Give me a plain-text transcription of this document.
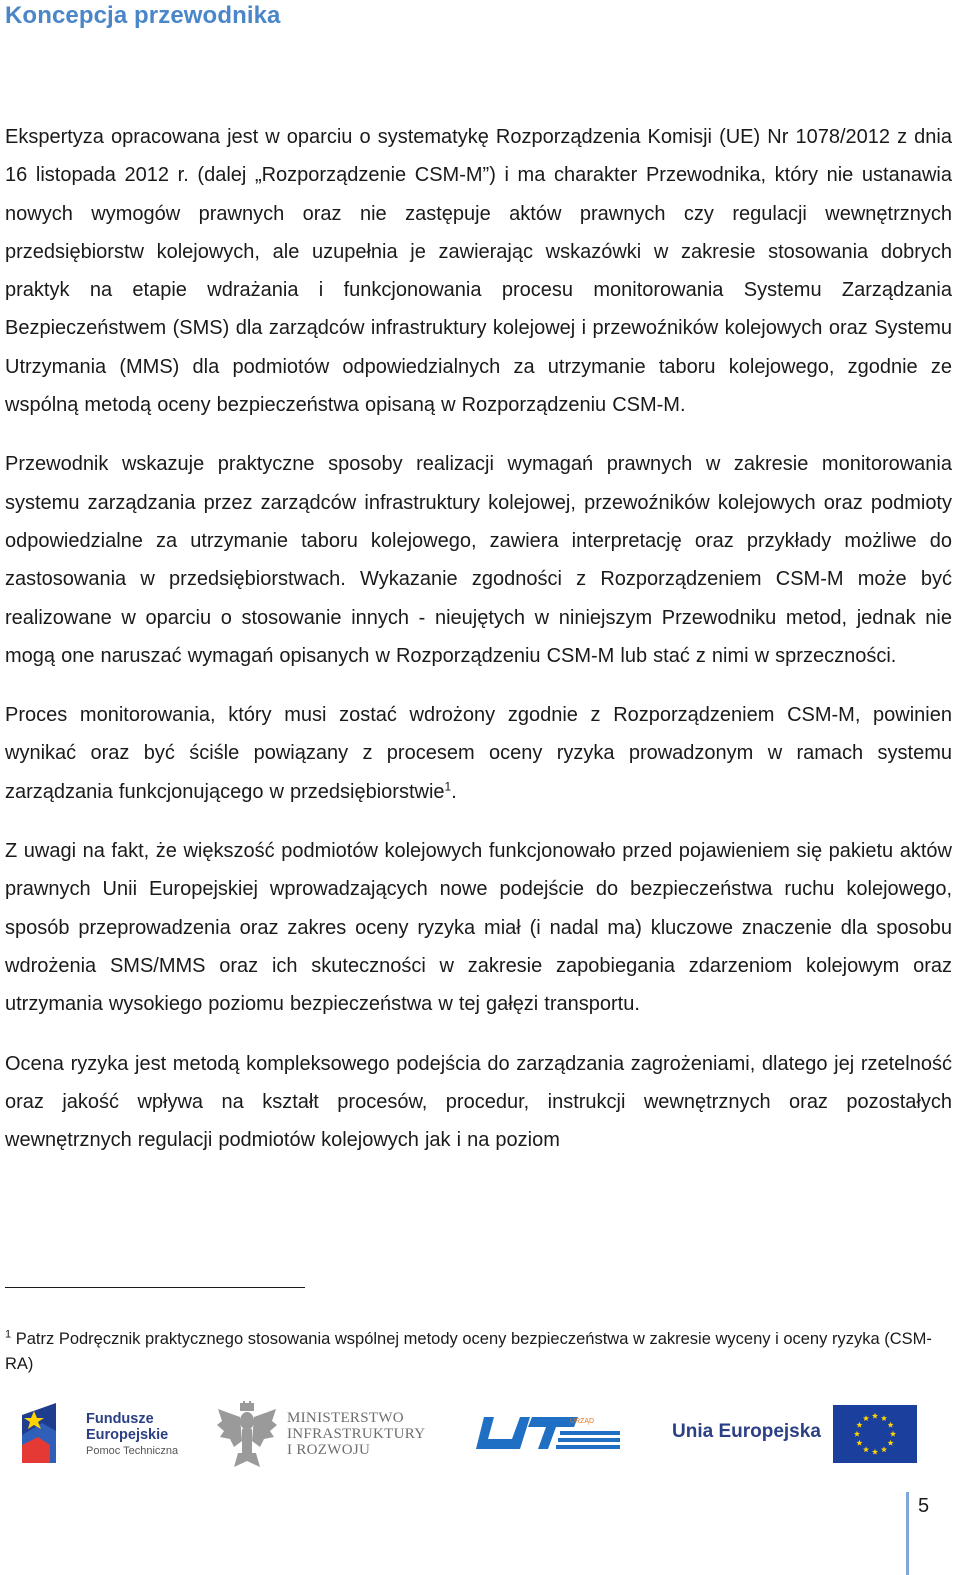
Koncepcja przewodnika

Ekspertyza opracowana jest w oparciu o systematykę Rozporządzenia Komisji (UE) Nr 1078/2012 z dnia 16 listopada 2012 r. (dalej „Rozporządzenie CSM-M”) i ma charakter Przewodnika, który nie ustanawia nowych wymogów prawnych oraz nie zastępuje aktów prawnych czy regulacji wewnętrznych przedsiębiorstw kolejowych, ale uzupełnia je zawierając wskazówki w zakresie stosowania dobrych praktyk na etapie wdrażania i funkcjonowania procesu monitorowania Systemu Zarządzania Bezpieczeństwem (SMS) dla zarządców infrastruktury kolejowej i przewoźników kolejowych oraz Systemu Utrzymania (MMS) dla podmiotów odpowiedzialnych za utrzymanie taboru kolejowego, zgodnie ze wspólną metodą oceny bezpieczeństwa opisaną w Rozporządzeniu CSM-M.

Przewodnik wskazuje praktyczne sposoby realizacji wymagań prawnych w zakresie monitorowania systemu zarządzania przez zarządców infrastruktury kolejowej, przewoźników kolejowych oraz podmioty odpowiedzialne za utrzymanie taboru kolejowego, zawiera interpretację oraz przykłady możliwe do zastosowania w przedsiębiorstwach. Wykazanie zgodności z Rozporządzeniem CSM-M może być realizowane w oparciu o stosowanie innych - nieujętych w niniejszym Przewodniku metod, jednak nie mogą one naruszać wymagań opisanych w Rozporządzeniu CSM-M lub stać z nimi w sprzeczności.

Proces monitorowania, który musi zostać wdrożony zgodnie z Rozporządzeniem CSM-M, powinien wynikać oraz być ściśle powiązany z procesem oceny ryzyka prowadzonym w ramach systemu zarządzania funkcjonującego w przedsiębiorstwie$^1$.

Z uwagi na fakt, że większość podmiotów kolejowych funkcjonowało przed pojawieniem się pakietu aktów prawnych Unii Europejskiej wprowadzających nowe podejście do bezpieczeństwa ruchu kolejowego, sposób przeprowadzenia oraz zakres oceny ryzyka miał (i nadal ma) kluczowe znaczenie dla sposobu wdrożenia SMS/MMS oraz ich skuteczności w zakresie zapobiegania zdarzeniom kolejowym oraz utrzymania wysokiego poziomu bezpieczeństwa w tej gałęzi transportu.

Ocena ryzyka jest metodą kompleksowego podejścia do zarządzania zagrożeniami, dlatego jej rzetelność oraz jakość wpływa na kształt procesów, procedur, instrukcji wewnętrznych oraz pozostałych wewnętrznych regulacji podmiotów kolejowych jak i na poziom

$^1$ Patrz Podręcznik praktycznego stosowania wspólnej metody oceny bezpieczeństwa w zakresie wyceny i oceny ryzyka (CSM-RA)

Fundusze
Europejskie
Pomoc Techniczna
MINISTERSTWO
INFRASTRUKTURY
I ROZWOJU
URZĄD	Unia Europejska
5
